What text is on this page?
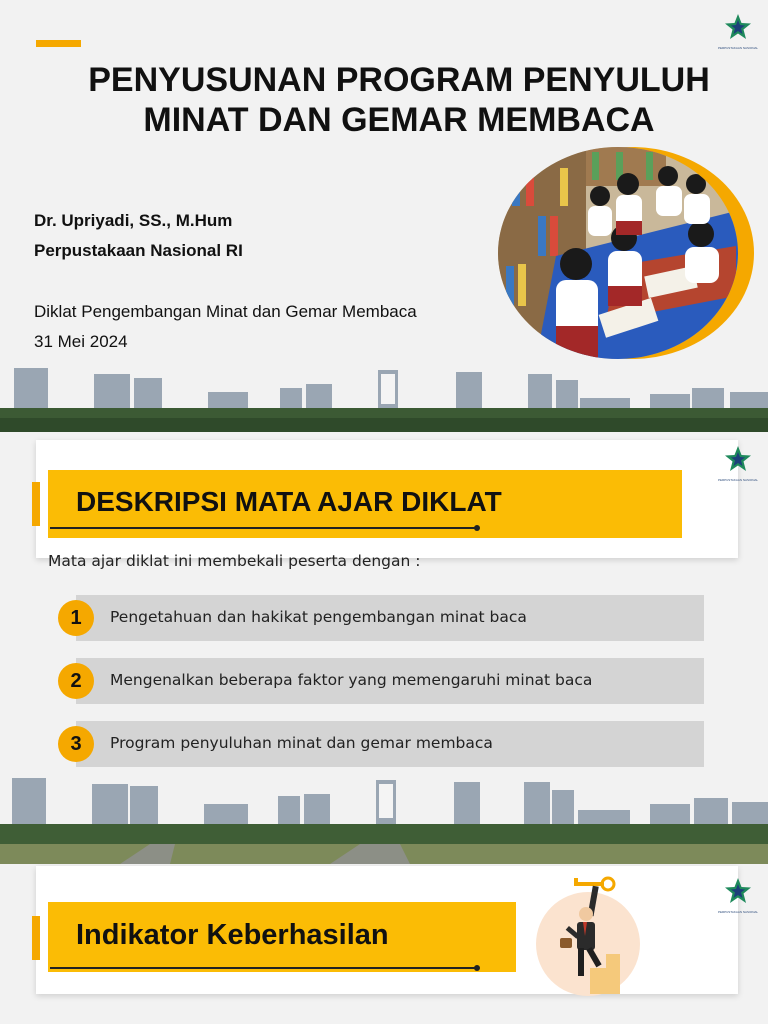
PERPUSTAKAAN NASIONAL
PENYUSUNAN PROGRAM PENYULUH
MINAT DAN GEMAR MEMBACA
Dr. Upriyadi, SS., M.Hum
Perpustakaan Nasional RI
Diklat Pengembangan Minat dan Gemar Membaca
31 Mei 2024
DESKRIPSI MATA AJAR DIKLAT
PERPUSTAKAAN NASIONAL
Mata ajar diklat ini membekali peserta dengan :
Pengetahuan dan hakikat pengembangan minat baca
1
Mengenalkan beberapa faktor yang memengaruhi minat baca
2
Program penyuluhan minat dan gemar membaca
3
Indikator Keberhasilan
PERPUSTAKAAN NASIONAL
